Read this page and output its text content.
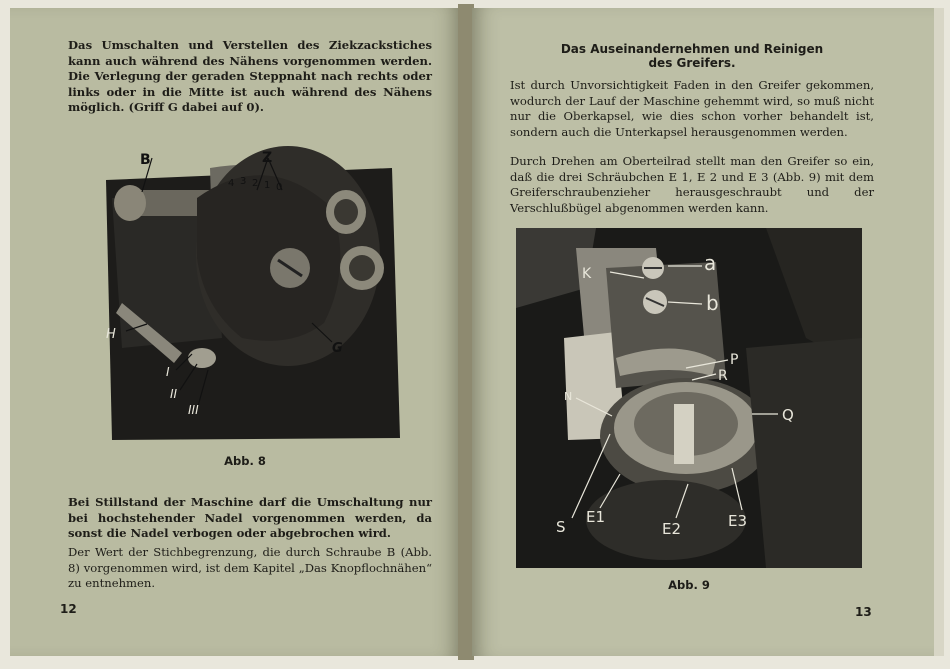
Das Umschalten und Verstellen des Ziekzackstiches kann auch während des Nähens vorgenommen werden. Die Verlegung der geraden Steppnaht nach rechts oder links oder in die Mitte ist auch während des Nähens möglich. (Griff G dabei auf 0).

B	Z
H
G
I
II
III
4 3 2 1 0
Abb. 8

Bei Stillstand der Maschine darf die Umschaltung nur bei hochstehender Nadel vorgenommen werden, da sonst die Nadel verbogen oder abgebrochen wird.

Der Wert der Stichbegrenzung, die durch Schraube B (Abb. 8) vorgenommen wird, ist dem Kapitel „Das Knopflochnähen“ zu entnehmen.

12

Das Auseinandernehmen und Reinigen

des Greifers.

Ist durch Unvorsichtigkeit Faden in den Greifer gekommen, wodurch der Lauf der Maschine gehemmt wird, so muß nicht nur die Oberkapsel, wie dies schon vorher behandelt ist, sondern auch die Unterkapsel herausgenommen werden.

Durch Drehen am Oberteilrad stellt man den Greifer so ein, daß die drei Schräubchen E 1, E 2 und E 3 (Abb. 9) mit dem Greiferschraubenzieher herausgeschraubt und der Verschlußbügel abgenommen werden kann.

a
K
b
P
R
N
Q
S
E1
E2	E3
Abb. 9
13
